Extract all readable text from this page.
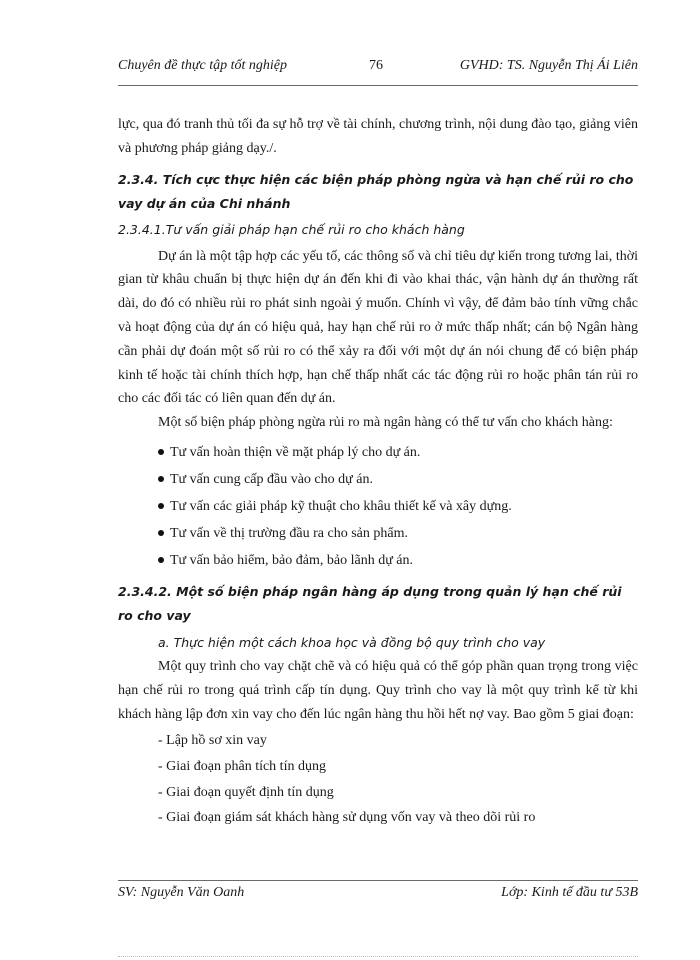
Chuyên đề thực tập tốt nghiệp	76	GVHD: TS. Nguyễn Thị Ái Liên

lực, qua đó tranh thủ tối đa sự hỗ trợ về tài chính, chương trình, nội dung đào tạo, giảng viên và phương pháp giảng dạy./.

2.3.4. Tích cực thực hiện các biện pháp phòng ngừa và hạn chế rủi ro cho vay dự án của Chi nhánh
2.3.4.1.Tư vấn giải pháp hạn chế rủi ro cho khách hàng

Dự án là một tập hợp các yếu tố, các thông số và chỉ tiêu dự kiến trong tương lai, thời gian từ khâu chuẩn bị thực hiện dự án đến khi đi vào khai thác, vận hành dự án thường rất dài, do đó có nhiều rủi ro phát sinh ngoài ý muốn. Chính vì vậy, để đảm bảo tính vững chắc và hoạt động của dự án có hiệu quả, hay hạn chế rủi ro ở mức thấp nhất; cán bộ Ngân hàng cần phải dự đoán một số rủi ro có thể xảy ra đối với một dự án nói chung để có biện pháp kinh tế hoặc tài chính thích hợp, hạn chế thấp nhất các tác động rủi ro hoặc phân tán rủi ro cho các đối tác có liên quan đến dự án.

Một số biện pháp phòng ngừa rủi ro mà ngân hàng có thể tư vấn cho khách hàng:

Tư vấn hoàn thiện về mặt pháp lý cho dự án.
Tư vấn cung cấp đầu vào cho dự án.
Tư vấn các giải pháp kỹ thuật cho khâu thiết kế và xây dựng.
Tư vấn về thị trường đầu ra cho sản phẩm.
Tư vấn bảo hiểm, bảo đảm, bảo lãnh dự án.
2.3.4.2. Một số biện pháp ngân hàng áp dụng trong quản lý hạn chế rủi ro cho vay
a. Thực hiện một cách khoa học và đồng bộ quy trình cho vay

Một quy trình cho vay chặt chẽ và có hiệu quả có thể góp phần quan trọng trong việc hạn chế rủi ro trong quá trình cấp tín dụng. Quy trình cho vay là một quy trình kể từ khi khách hàng lập đơn xin vay cho đến lúc ngân hàng thu hồi hết nợ vay. Bao gồm 5 giai đoạn:

- Lập hồ sơ xin vay
- Giai đoạn phân tích tín dụng
- Giai đoạn quyết định tín dụng
- Giai đoạn giám sát khách hàng sử dụng vốn vay và theo dõi rủi ro
SV: Nguyễn Văn Oanh	Lớp: Kinh tế đầu tư 53B
